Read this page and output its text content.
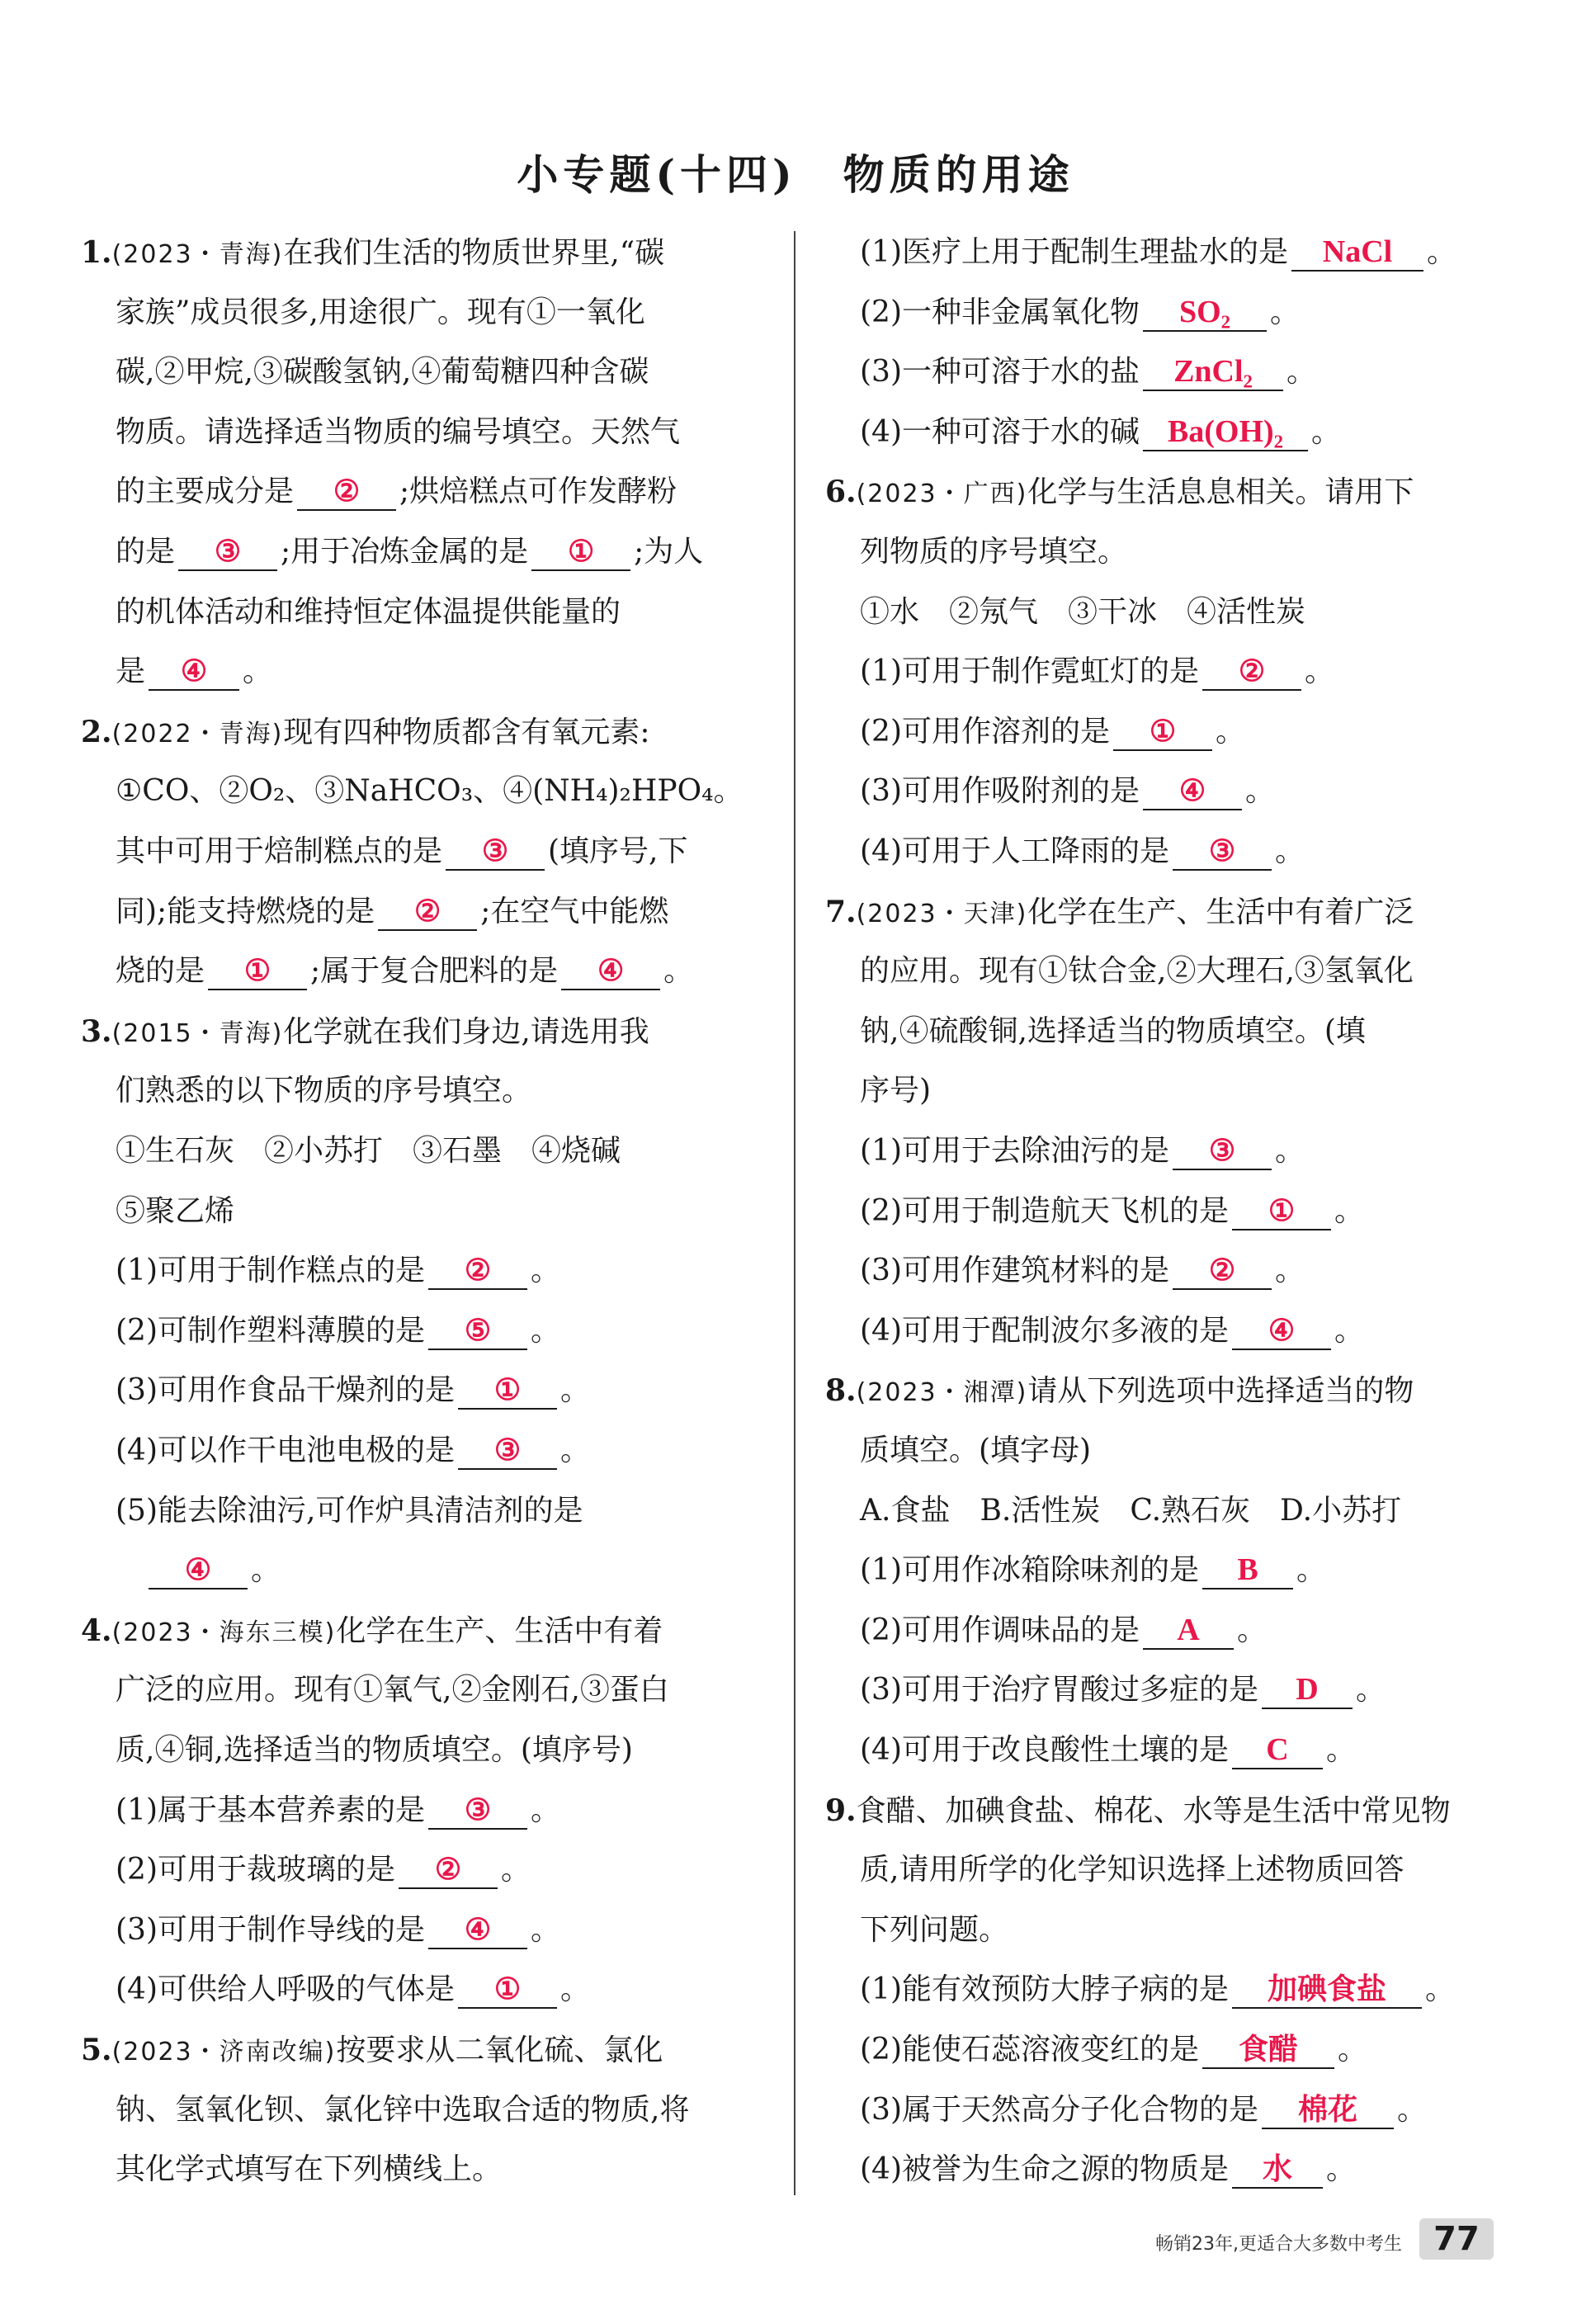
小专题(十四)　物质的用途
1.(2023・青海)在我们生活的物质世界里,“碳
家族”成员很多,用途很广。现有①一氧化
碳,②甲烷,③碳酸氢钠,④葡萄糖四种含碳
物质。请选择适当物质的编号填空。天然气
的主要成分是 ② ;烘焙糕点可作发酵粉
的是 ③ ;用于冶炼金属的是 ① ;为人
的机体活动和维持恒定体温提供能量的
是 ④ 。
2.(2022・青海)现有四种物质都含有氧元素:
①CO、②O₂、③NaHCO₃、④(NH₄)₂HPO₄。
其中可用于焙制糕点的是 ③ (填序号,下
同);能支持燃烧的是 ② ;在空气中能燃
烧的是 ① ;属于复合肥料的是 ④ 。
3.(2015・青海)化学就在我们身边,请选用我
们熟悉的以下物质的序号填空。
①生石灰　②小苏打　③石墨　④烧碱
⑤聚乙烯
(1)可用于制作糕点的是 ② 。
(2)可制作塑料薄膜的是 ⑤ 。
(3)可用作食品干燥剂的是 ① 。
(4)可以作干电池电极的是 ③ 。
(5)能去除油污,可作炉具清洁剂的是
　④ 。
4.(2023・海东三模)化学在生产、生活中有着
广泛的应用。现有①氧气,②金刚石,③蛋白
质,④铜,选择适当的物质填空。(填序号)
(1)属于基本营养素的是 ③ 。
(2)可用于裁玻璃的是 ② 。
(3)可用于制作导线的是 ④ 。
(4)可供给人呼吸的气体是 ① 。
5.(2023・济南改编)按要求从二氧化硫、氯化
钠、氢氧化钡、氯化锌中选取合适的物质,将
其化学式填写在下列横线上。
(1)医疗上用于配制生理盐水的是 NaCl 。
(2)一种非金属氧化物 SO₂ 。
(3)一种可溶于水的盐 ZnCl₂ 。
(4)一种可溶于水的碱 Ba(OH)₂ 。
6.(2023・广西)化学与生活息息相关。请用下
列物质的序号填空。
①水　②氖气　③干冰　④活性炭
(1)可用于制作霓虹灯的是 ② 。
(2)可用作溶剂的是 ① 。
(3)可用作吸附剂的是 ④ 。
(4)可用于人工降雨的是 ③ 。
7.(2023・天津)化学在生产、生活中有着广泛
的应用。现有①钛合金,②大理石,③氢氧化
钠,④硫酸铜,选择适当的物质填空。(填
序号)
(1)可用于去除油污的是 ③ 。
(2)可用于制造航天飞机的是 ① 。
(3)可用作建筑材料的是 ② 。
(4)可用于配制波尔多液的是 ④ 。
8.(2023・湘潭)请从下列选项中选择适当的物
质填空。(填字母)
A.食盐　B.活性炭　C.熟石灰　D.小苏打
(1)可用作冰箱除味剂的是 B 。
(2)可用作调味品的是 A 。
(3)可用于治疗胃酸过多症的是 D 。
(4)可用于改良酸性土壤的是 C 。
9.食醋、加碘食盐、棉花、水等是生活中常见物
质,请用所学的化学知识选择上述物质回答
下列问题。
(1)能有效预防大脖子病的是 加碘食盐 。
(2)能使石蕊溶液变红的是 食醋 。
(3)属于天然高分子化合物的是 棉花 。
(4)被誉为生命之源的物质是 水 。
畅销23年,更适合大多数中考生 77
